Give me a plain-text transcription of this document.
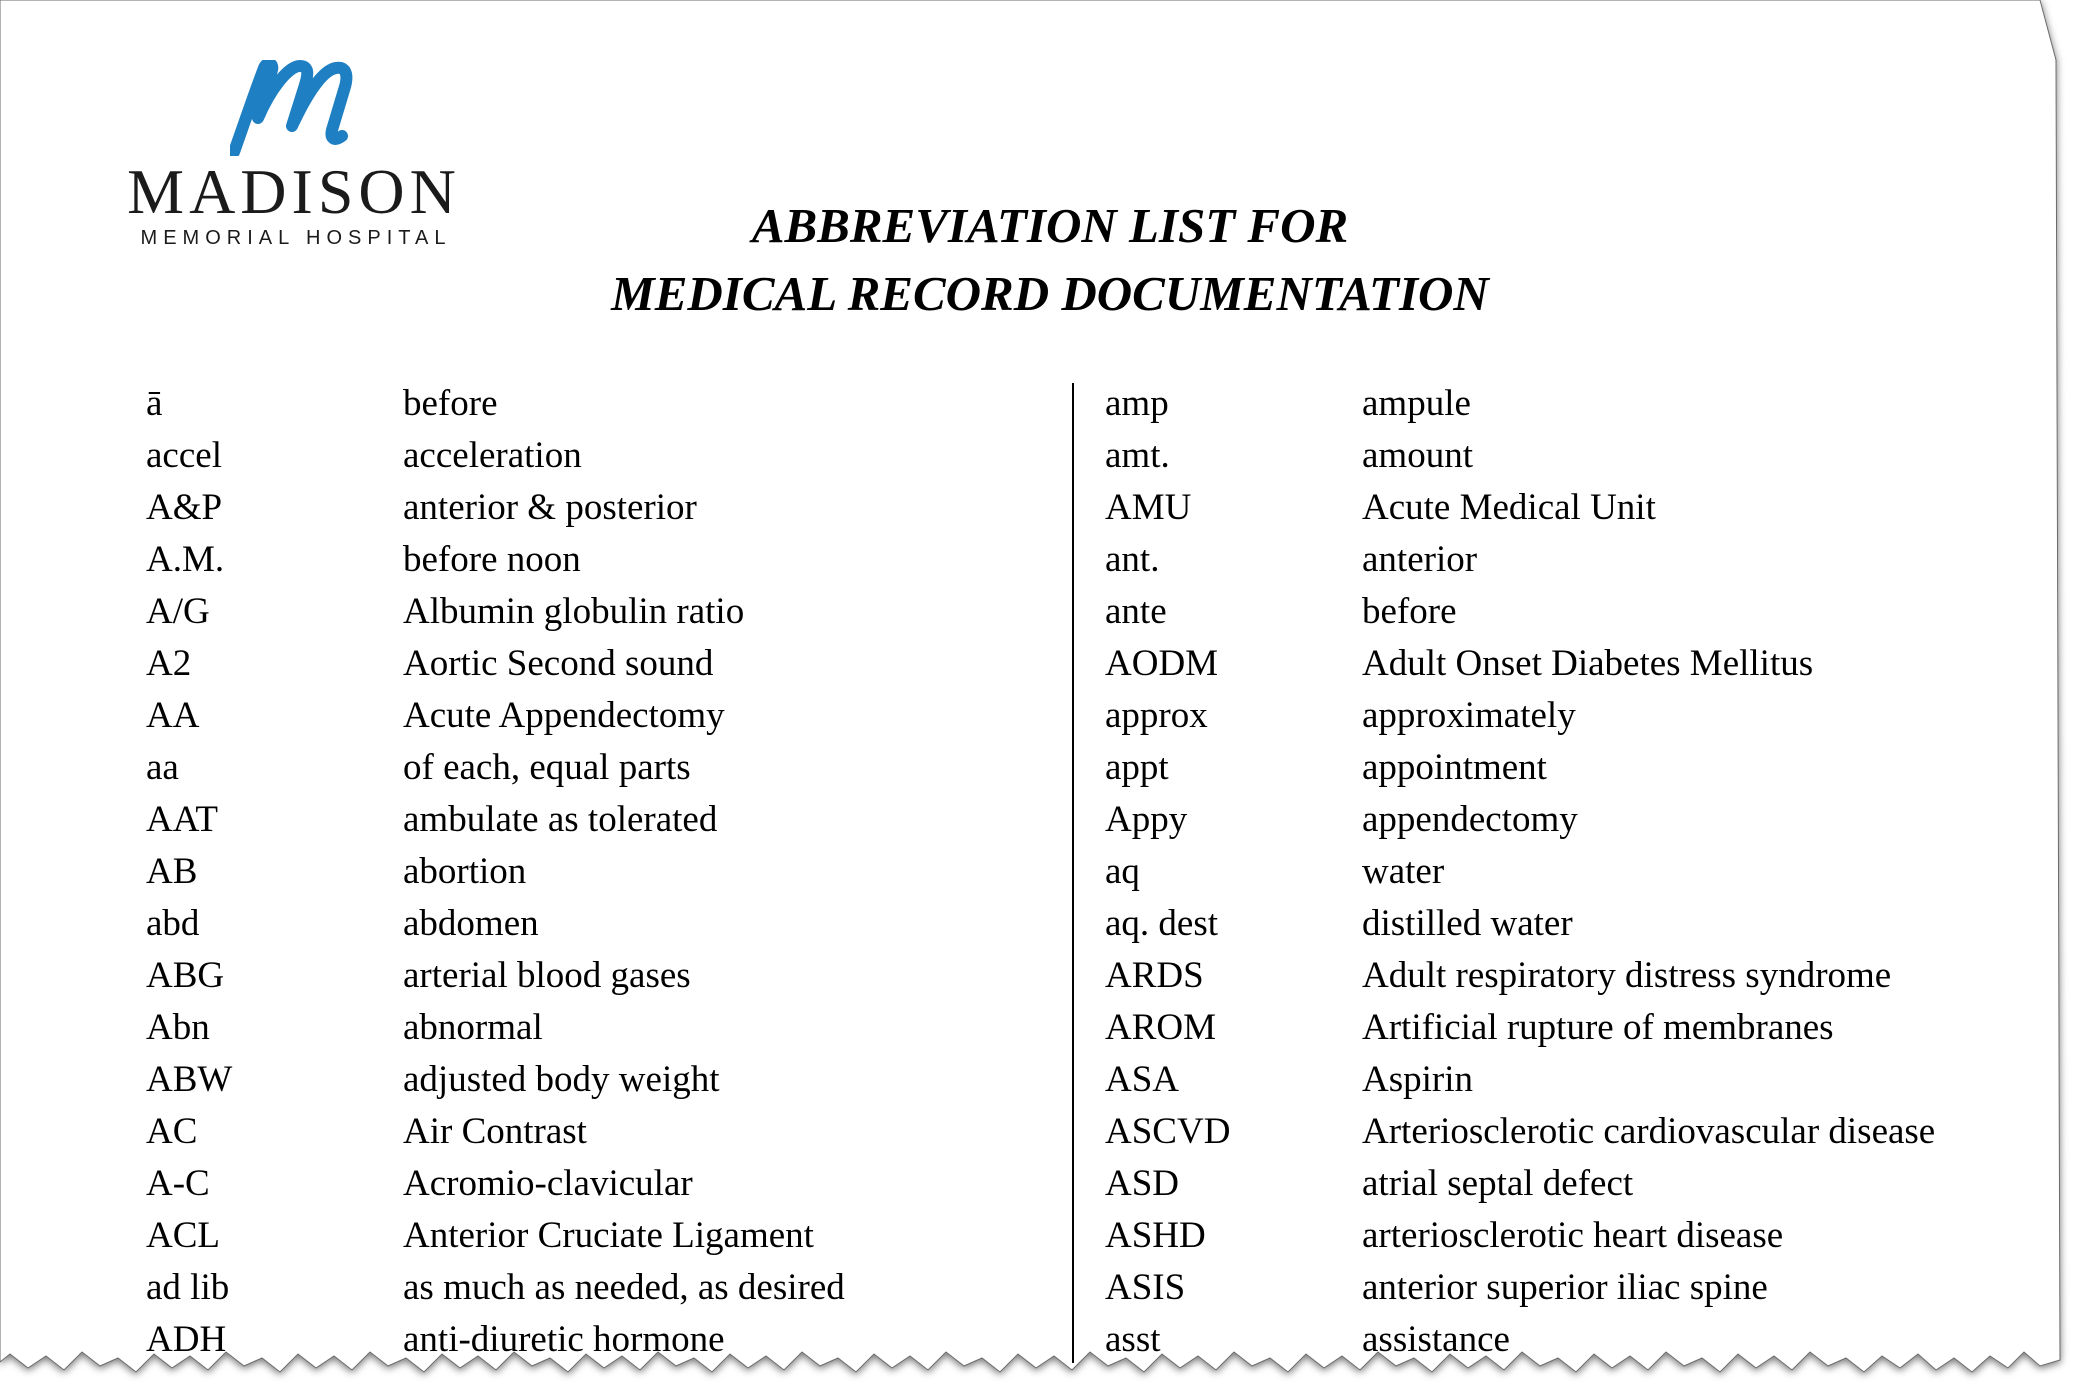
MADISON
MEMORIAL HOSPITAL	ABBREVIATION LIST FOR
MEDICAL RECORD DOCUMENTATION
ā	before
accel	acceleration
A&P	anterior & posterior
A.M.	before noon
A/G	Albumin globulin ratio
A2	Aortic Second sound
AA	Acute Appendectomy
aa	of each, equal parts
AAT	ambulate as tolerated
AB	abortion
abd	abdomen
ABG	arterial blood gases
Abn	abnormal
ABW	adjusted body weight
AC	Air Contrast
A-C	Acromio-clavicular
ACL	Anterior Cruciate Ligament
ad lib	as much as needed, as desired
ADH	anti-diuretic hormone
amp	ampule
amt.	amount
AMU	Acute Medical Unit
ant.	anterior
ante	before
AODM	Adult Onset Diabetes Mellitus
approx	approximately
appt	appointment
Appy	appendectomy
aq	water
aq. dest	distilled water
ARDS	Adult respiratory distress syndrome
AROM	Artificial rupture of membranes
ASA	Aspirin
ASCVD	Arteriosclerotic cardiovascular disease
ASD	atrial septal defect
ASHD	arteriosclerotic heart disease
ASIS	anterior superior iliac spine
asst	assistance
